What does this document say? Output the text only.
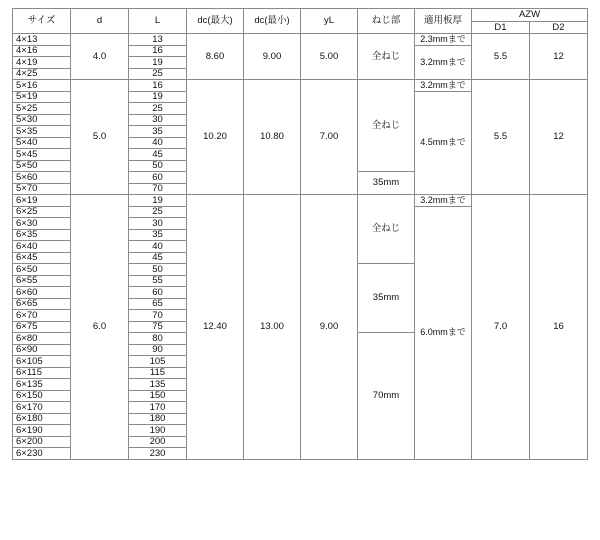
サイズ	d	L	dc(最大)	dc(最小)	yL	ねじ部	適用板厚	AZW	
								D1	D2
4×13	4.0	13	8.60	9.00	5.00	全ねじ	2.3mmまで	5.5	12
4×16		16					3.2mmまで		
4×19		19							
4×25		25							
5×16	5.0	16	10.20	10.80	7.00	全ねじ	3.2mmまで	5.5	12
5×19		19					4.5mmまで		
5×25		25							
5×30		30							
5×35		35							
5×40		40							
5×45		45							
5×50		50							
5×60		60				35mm			
5×70		70							
6×19	6.0	19	12.40	13.00	9.00	全ねじ	3.2mmまで	7.0	16
6×25		25					6.0mmまで		
6×30		30							
6×35		35							
6×40		40							
6×45		45							
6×50		50				35mm			
6×55		55							
6×60		60							
6×65		65							
6×70		70							
6×75		75							
6×80		80				70mm			
6×90		90							
6×105		105							
6×115		115							
6×135		135							
6×150		150							
6×170		170							
6×180		180							
6×190		190							
6×200		200							
6×230		230							
